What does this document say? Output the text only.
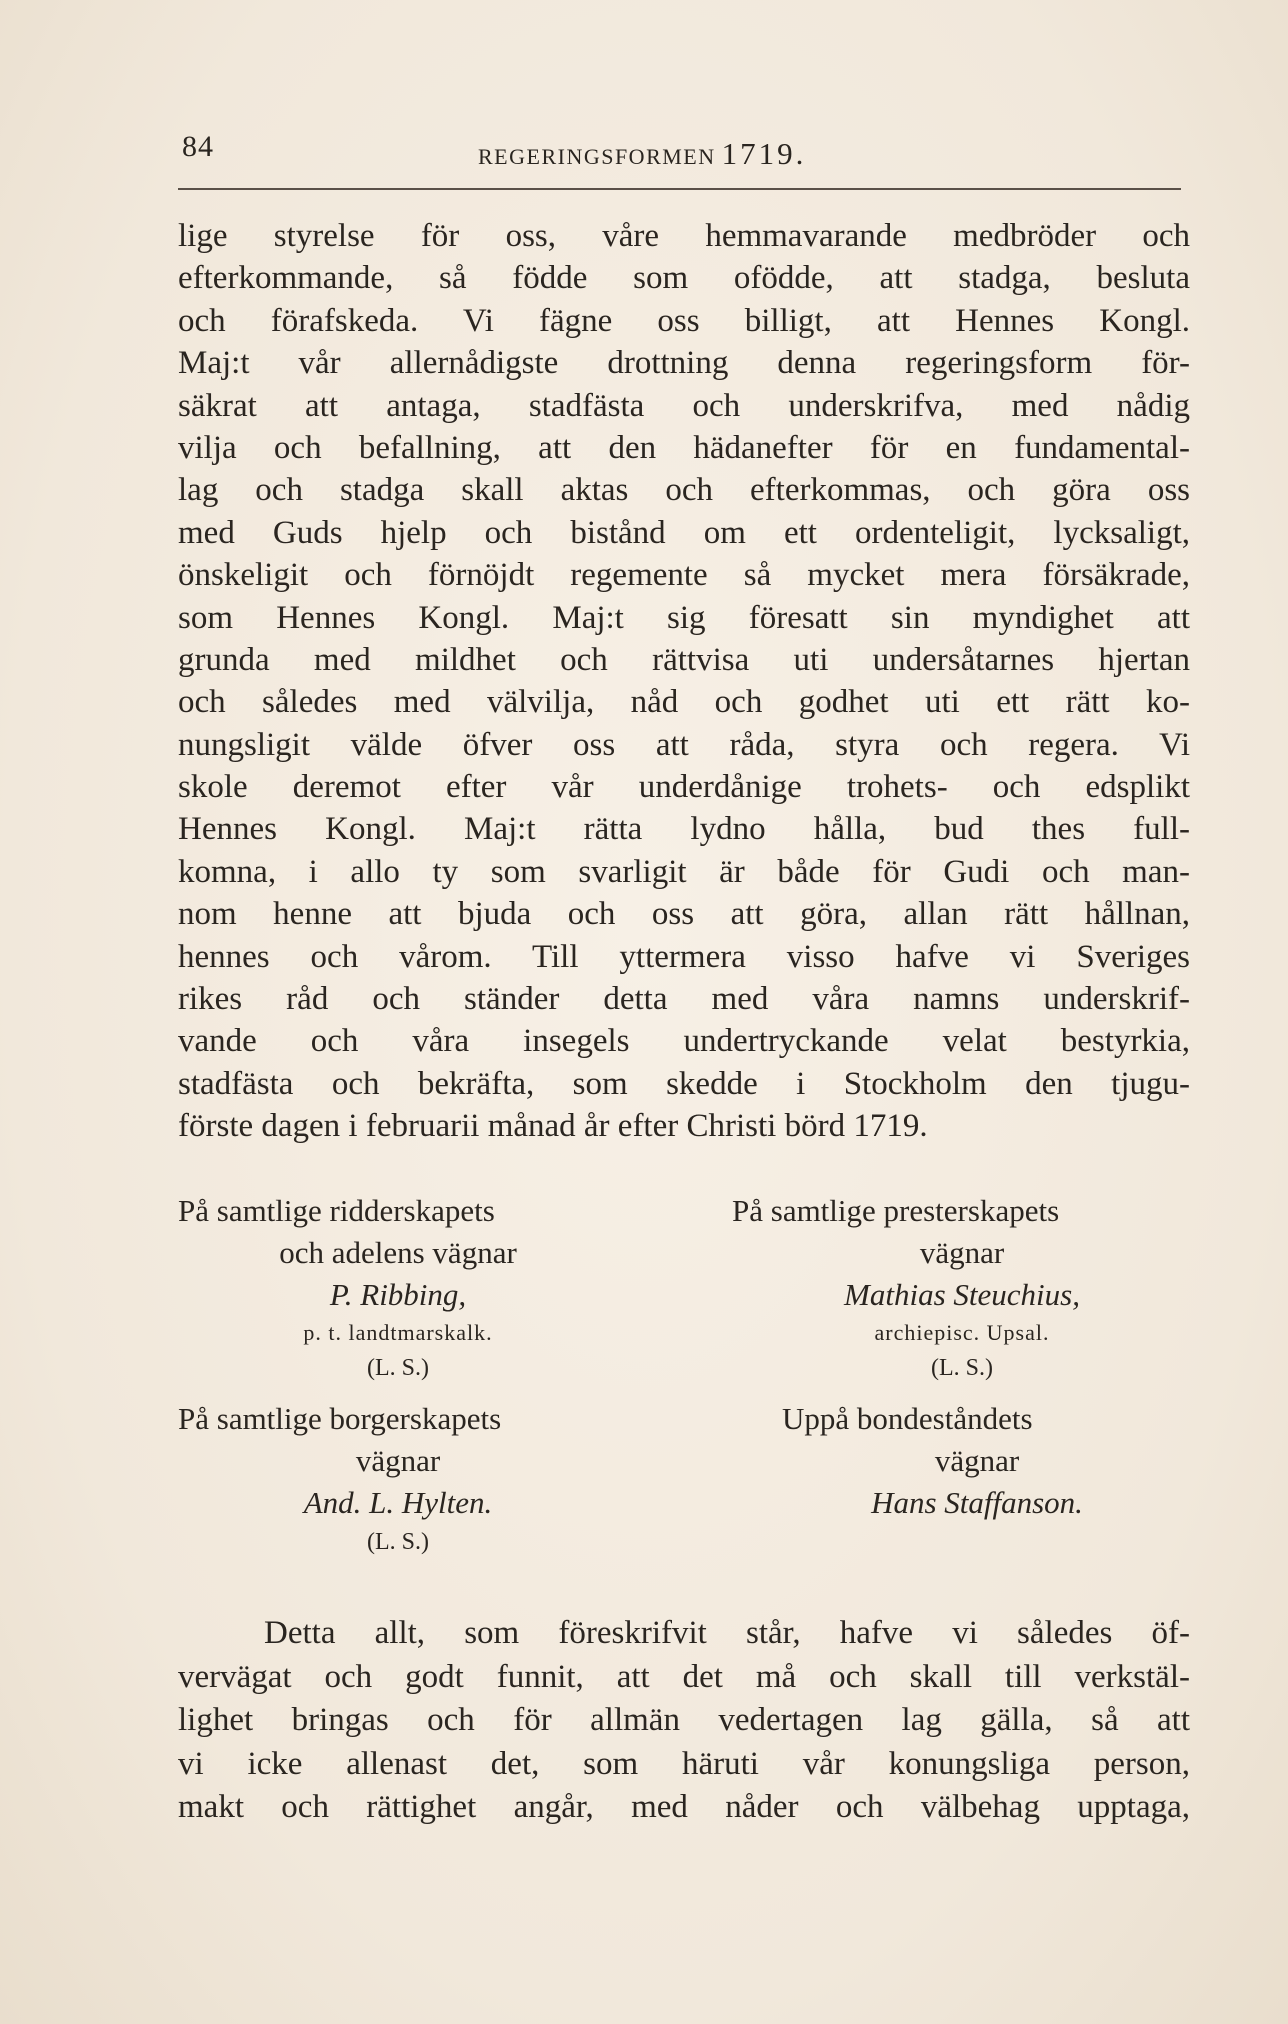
84	REGERINGSFORMEN 1719.
lige styrelse för oss, våre hemmavarande medbröder och
efterkommande, så födde som ofödde, att stadga, besluta
och förafskeda. Vi fägne oss billigt, att Hennes Kongl.
Maj:t vår allernådigste drottning denna regeringsform för-
säkrat att antaga, stadfästa och underskrifva, med nådig
vilja och befallning, att den hädanefter för en fundamental-
lag och stadga skall aktas och efterkommas, och göra oss
med Guds hjelp och bistånd om ett ordenteligit, lycksaligt,
önskeligit och förnöjdt regemente så mycket mera försäkrade,
som Hennes Kongl. Maj:t sig föresatt sin myndighet att
grunda med mildhet och rättvisa uti undersåtarnes hjertan
och således med välvilja, nåd och godhet uti ett rätt ko-
nungsligit välde öfver oss att råda, styra och regera. Vi
skole deremot efter vår underdånige trohets- och edsplikt
Hennes Kongl. Maj:t rätta lydno hålla, bud thes full-
komna, i allo ty som svarligit är både för Gudi och man-
nom henne att bjuda och oss att göra, allan rätt hållnan,
hennes och vårom. Till yttermera visso hafve vi Sveriges
rikes råd och ständer detta med våra namns underskrif-
vande och våra insegels undertryckande velat bestyrkia,
stadfästa och bekräfta, som skedde i Stockholm den tjugu-
förste dagen i februarii månad år efter Christi börd 1719.
På samtlige ridderskapets
och adelens vägnar
P. Ribbing,
p. t. landtmarskalk.
(L. S.)
På samtlige presterskapets
vägnar
Mathias Steuchius,
archiepisc. Upsal.
(L. S.)
På samtlige borgerskapets
vägnar
And. L. Hylten.
(L. S.)
Uppå bondeståndets
vägnar
Hans Staffanson.
Detta allt, som föreskrifvit står, hafve vi således öf-
vervägat och godt funnit, att det må och skall till verkstäl-
lighet bringas och för allmän vedertagen lag gälla, så att
vi icke allenast det, som häruti vår konungsliga person,
makt och rättighet angår, med nåder och välbehag upptaga,
